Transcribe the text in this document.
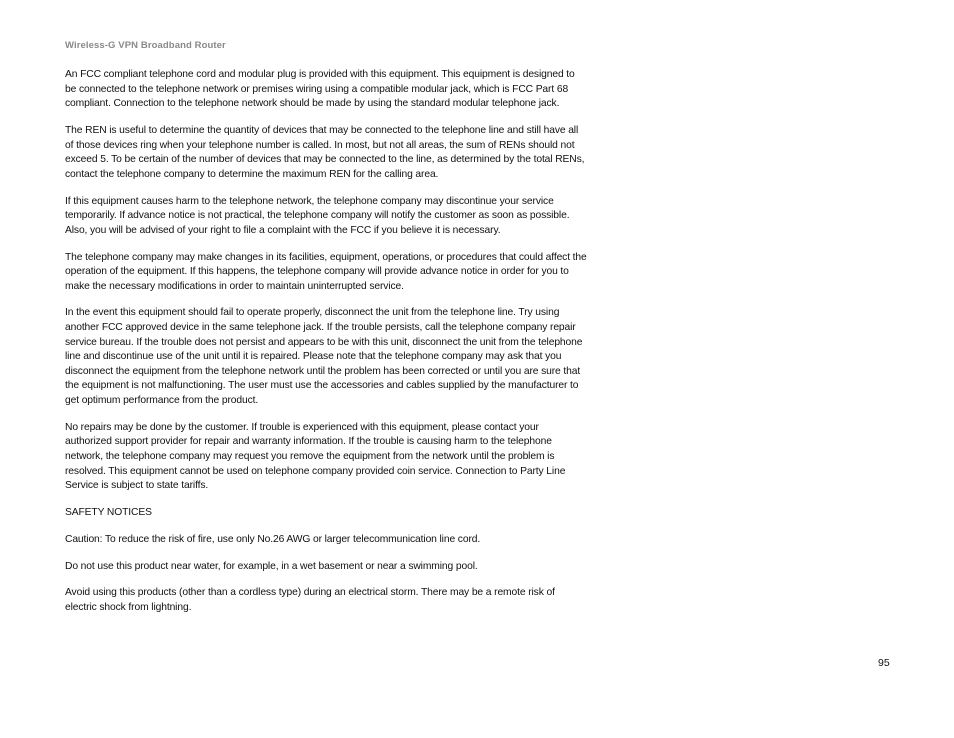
Wireless-G VPN Broadband Router

An FCC compliant telephone cord and modular plug is provided with this equipment. This equipment is designed to be connected to the telephone network or premises wiring using a compatible modular jack, which is FCC Part 68 compliant. Connection to the telephone network should be made by using the standard modular telephone jack.

The REN is useful to determine the quantity of devices that may be connected to the telephone line and still have all of those devices ring when your telephone number is called. In most, but not all areas, the sum of RENs should not exceed 5. To be certain of the number of devices that may be connected to the line, as determined by the total RENs, contact the telephone company to determine the maximum REN for the calling area.

If this equipment causes harm to the telephone network, the telephone company may discontinue your service temporarily. If advance notice is not practical, the telephone company will notify the customer as soon as possible. Also, you will be advised of your right to file a complaint with the FCC if you believe it is necessary.

The telephone company may make changes in its facilities, equipment, operations, or procedures that could affect the operation of the equipment. If this happens, the telephone company will provide advance notice in order for you to make the necessary modifications in order to maintain uninterrupted service.

In the event this equipment should fail to operate properly, disconnect the unit from the telephone line. Try using another FCC approved device in the same telephone jack. If the trouble persists, call the telephone company repair service bureau. If the trouble does not persist and appears to be with this unit, disconnect the unit from the telephone line and discontinue use of the unit until it is repaired. Please note that the telephone company may ask that you disconnect the equipment from the telephone network until the problem has been corrected or until you are sure that the equipment is not malfunctioning. The user must use the accessories and cables supplied by the manufacturer to get optimum performance from the product.

No repairs may be done by the customer. If trouble is experienced with this equipment, please contact your authorized support provider for repair and warranty information. If the trouble is causing harm to the telephone network, the telephone company may request you remove the equipment from the network until the problem is resolved. This equipment cannot be used on telephone company provided coin service. Connection to Party Line Service is subject to state tariffs.

SAFETY NOTICES

Caution: To reduce the risk of fire, use only No.26 AWG or larger telecommunication line cord.

Do not use this product near water, for example, in a wet basement or near a swimming pool.

Avoid using this products (other than a cordless type) during an electrical storm. There may be a remote risk of electric shock from lightning.

95
